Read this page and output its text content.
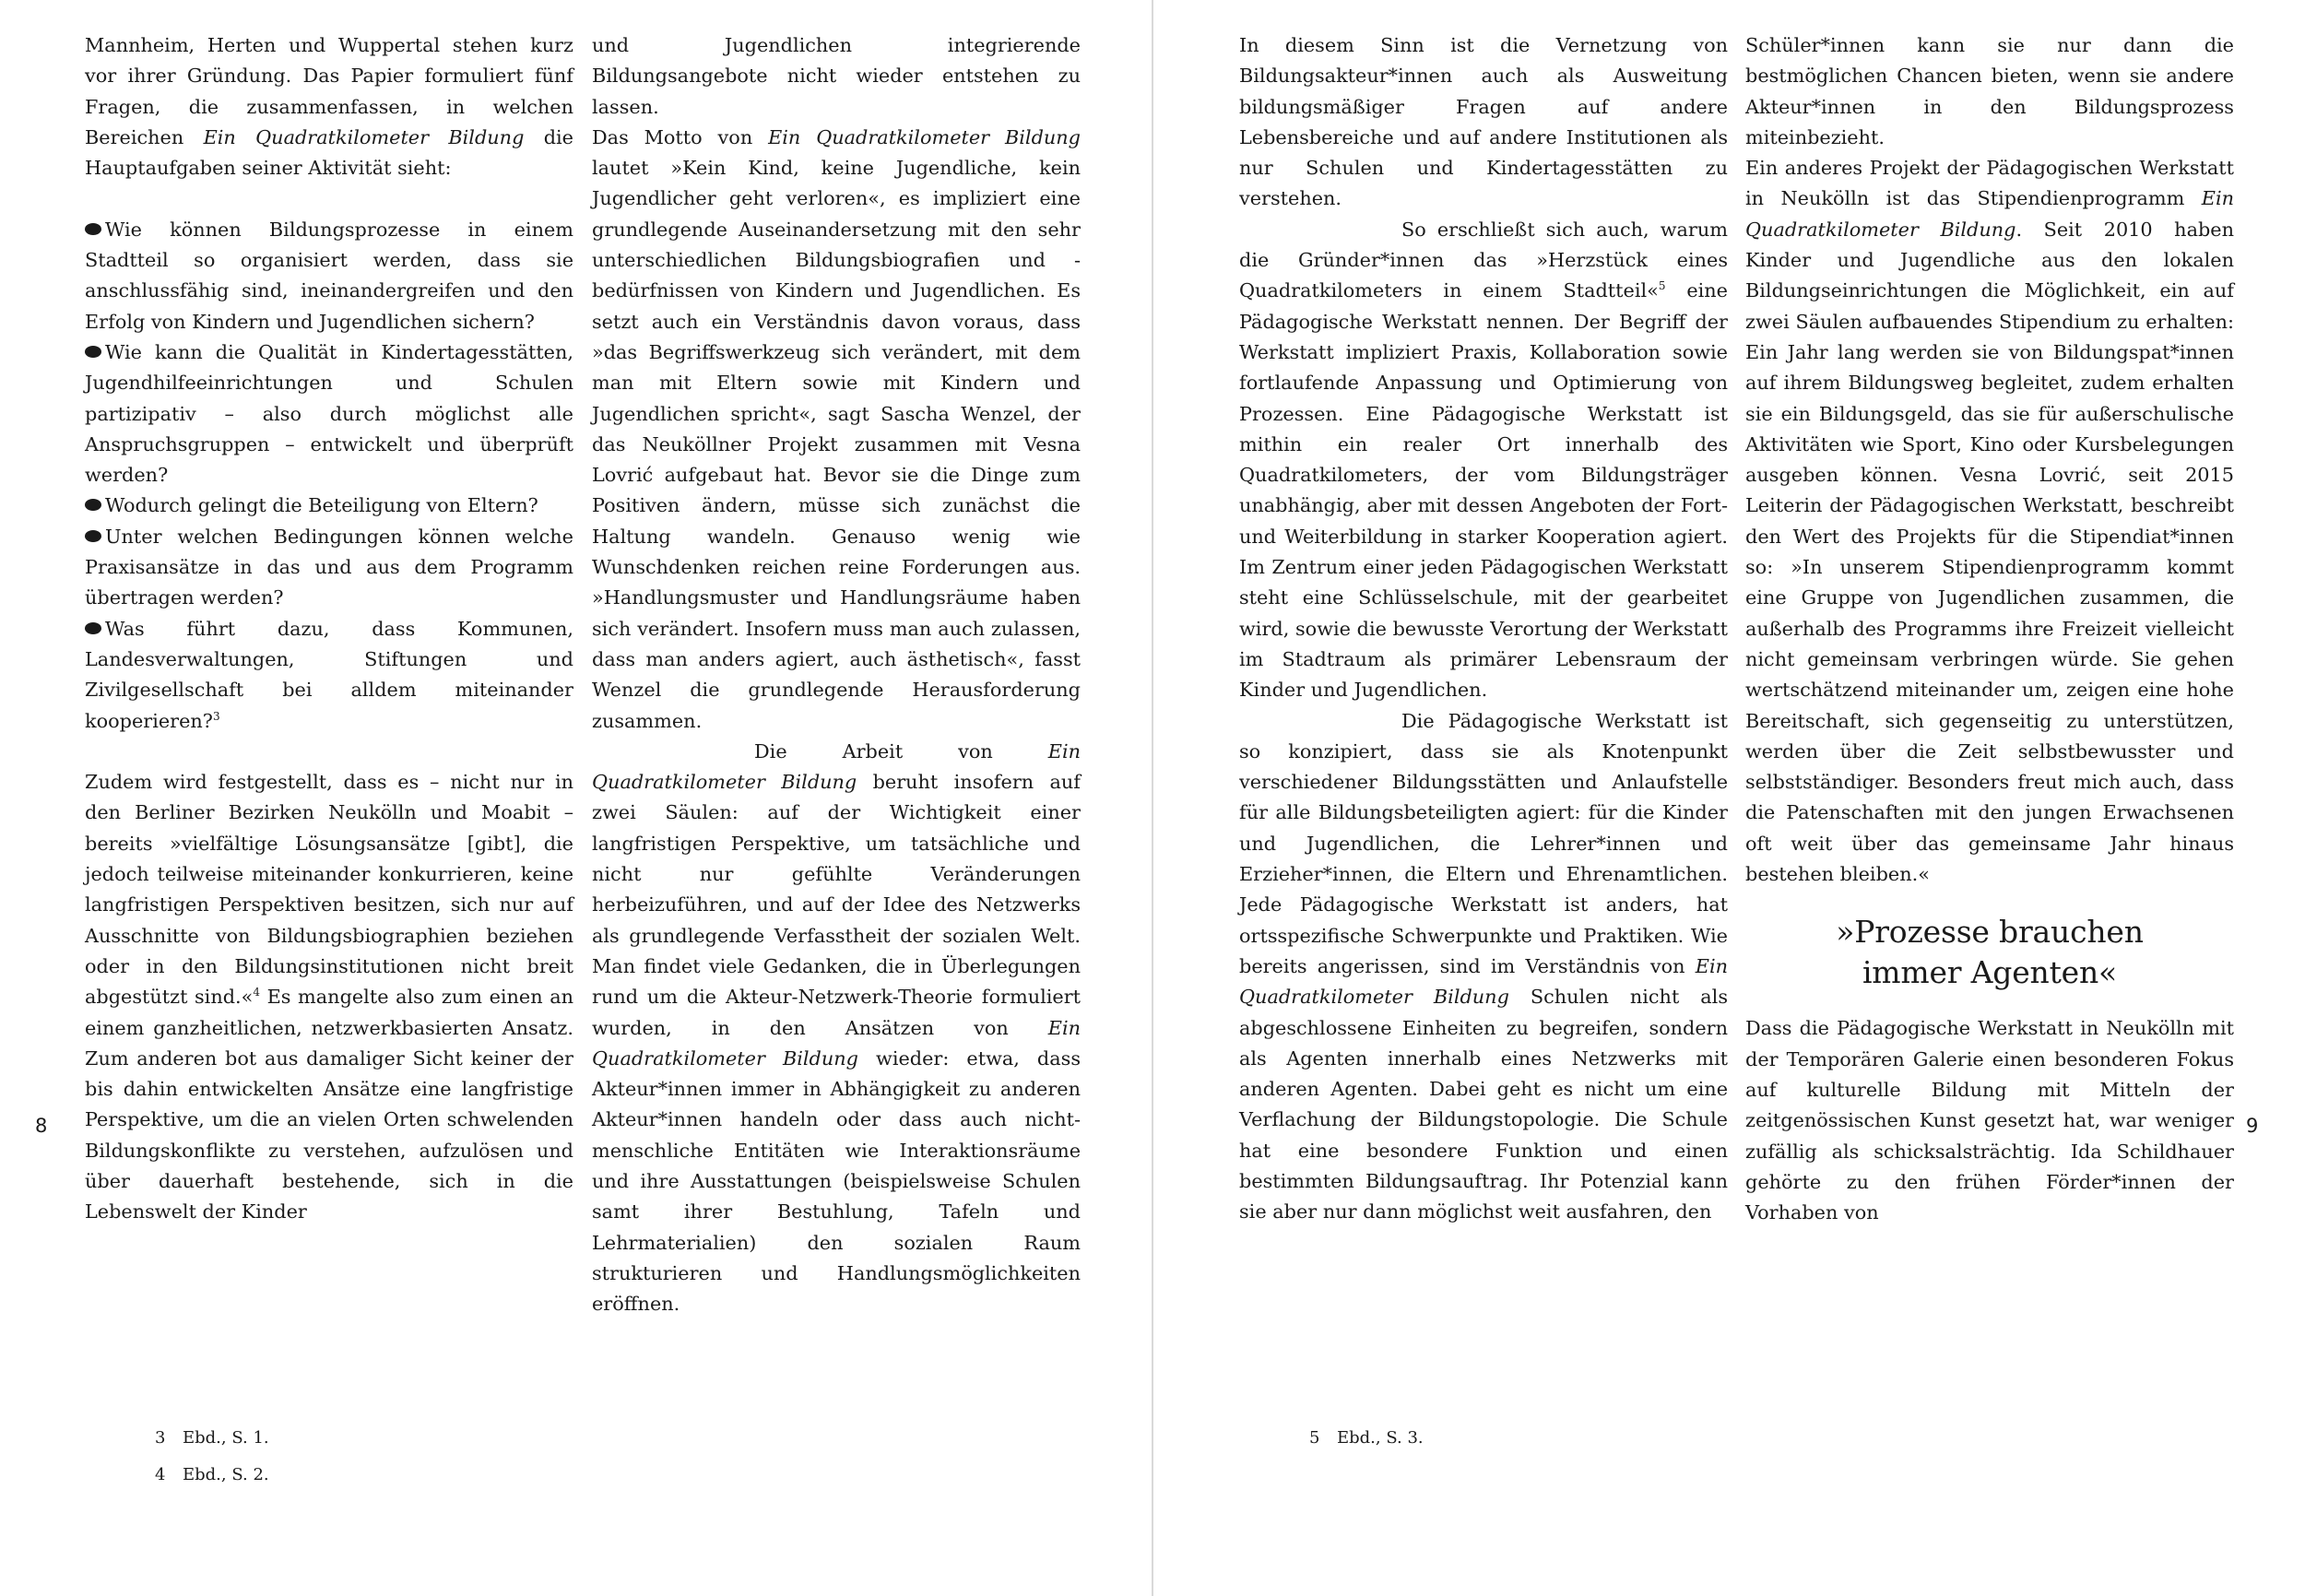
Mannheim, Herten und Wuppertal stehen kurz vor ihrer Gründung. Das Papier formuliert fünf Fragen, die zusammenfassen, in welchen Bereichen Ein Quadratkilometer Bildung die Hauptaufgaben seiner Aktivität sieht:

Wie können Bildungsprozesse in einem Stadtteil so organisiert werden, dass sie anschlussfähig sind, ineinandergreifen und den Erfolg von Kindern und Jugendlichen sichern?
Wie kann die Qualität in Kindertagesstätten, Jugendhilfeeinrichtungen und Schulen partizipativ – also durch möglichst alle Anspruchsgruppen – entwickelt und überprüft werden?
Wodurch gelingt die Beteiligung von Eltern?
Unter welchen Bedingungen können welche Praxisansätze in das und aus dem Programm übertragen werden?
Was führt dazu, dass Kommunen, Landesverwaltungen, Stiftungen und Zivilgesellschaft bei alldem miteinander kooperieren?$^3$

Zudem wird festgestellt, dass es – nicht nur in den Berliner Bezirken Neukölln und Moabit – bereits »vielfältige Lösungsansätze [gibt], die jedoch teilweise miteinander konkurrieren, keine langfristigen Perspektiven besitzen, sich nur auf Ausschnitte von Bildungsbiographien beziehen oder in den Bildungsinstitutionen nicht breit abgestützt sind.«$^4$ Es mangelte also zum einen an einem ganzheitlichen, netzwerkbasierten Ansatz. Zum anderen bot aus damaliger Sicht keiner der bis dahin entwickelten Ansätze eine langfristige Perspektive, um die an vielen Orten schwelenden Bildungskonflikte zu verstehen, aufzulösen und über dauerhaft bestehende, sich in die Lebenswelt der Kinder

und Jugendlichen integrierende Bildungsangebote nicht wieder entstehen zu lassen.

Das Motto von Ein Quadratkilometer Bildung lautet »Kein Kind, keine Jugendliche, kein Jugendlicher geht verloren«, es impliziert eine grundlegende Auseinandersetzung mit den sehr unterschiedlichen Bildungsbiografien und -bedürfnissen von Kindern und Jugendlichen. Es setzt auch ein Verständnis davon voraus, dass »das Begriffswerkzeug sich verändert, mit dem man mit Eltern sowie mit Kindern und Jugendlichen spricht«, sagt Sascha Wenzel, der das Neuköllner Projekt zusammen mit Vesna Lovrić aufgebaut hat. Bevor sie die Dinge zum Positiven ändern, müsse sich zunächst die Haltung wandeln. Genauso wenig wie Wunschdenken reichen reine Forderungen aus. »Handlungsmuster und Handlungsräume haben sich verändert. Insofern muss man auch zulassen, dass man anders agiert, auch ästhetisch«, fasst Wenzel die grundlegende Herausforderung zusammen.

Die Arbeit von Ein Quadratkilometer Bildung beruht insofern auf zwei Säulen: auf der Wichtigkeit einer langfristigen Perspektive, um tatsächliche und nicht nur gefühlte Veränderungen herbeizuführen, und auf der Idee des Netzwerks als grundlegende Verfasstheit der sozialen Welt. Man findet viele Gedanken, die in Überlegungen rund um die Akteur-Netzwerk-Theorie formuliert wurden, in den Ansätzen von Ein Quadratkilometer Bildung wieder: etwa, dass Akteur*innen immer in Abhängigkeit zu anderen Akteur*innen handeln oder dass auch nicht-menschliche Entitäten wie Interaktionsräume und ihre Ausstattungen (beispielsweise Schulen samt ihrer Bestuhlung, Tafeln und Lehrmaterialien) den sozialen Raum strukturieren und Handlungsmöglichkeiten eröffnen.

8
3 Ebd., S. 1.
4 Ebd., S. 2.

In diesem Sinn ist die Vernetzung von Bildungsakteur*innen auch als Ausweitung bildungsmäßiger Fragen auf andere Lebensbereiche und auf andere Institutionen als nur Schulen und Kindertagesstätten zu verstehen.

So erschließt sich auch, warum die Gründer*innen das »Herzstück eines Quadratkilometers in einem Stadtteil«$^5$ eine Pädagogische Werkstatt nennen. Der Begriff der Werkstatt impliziert Praxis, Kollaboration sowie fortlaufende Anpassung und Optimierung von Prozessen. Eine Pädagogische Werkstatt ist mithin ein realer Ort innerhalb des Quadratkilometers, der vom Bildungsträger unabhängig, aber mit dessen Angeboten der Fort- und Weiterbildung in starker Kooperation agiert. Im Zentrum einer jeden Pädagogischen Werkstatt steht eine Schlüsselschule, mit der gearbeitet wird, sowie die bewusste Verortung der Werkstatt im Stadtraum als primärer Lebensraum der Kinder und Jugendlichen.

Die Pädagogische Werkstatt ist so konzipiert, dass sie als Knotenpunkt verschiedener Bildungsstätten und Anlaufstelle für alle Bildungsbeteiligten agiert: für die Kinder und Jugendlichen, die Lehrer*innen und Erzieher*innen, die Eltern und Ehrenamtlichen. Jede Pädagogische Werkstatt ist anders, hat ortsspezifische Schwerpunkte und Praktiken. Wie bereits angerissen, sind im Verständnis von Ein Quadratkilometer Bildung Schulen nicht als abgeschlossene Einheiten zu begreifen, sondern als Agenten innerhalb eines Netzwerks mit anderen Agenten. Dabei geht es nicht um eine Verflachung der Bildungstopologie. Die Schule hat eine besondere Funktion und einen bestimmten Bildungsauftrag. Ihr Potenzial kann sie aber nur dann möglichst weit ausfahren, den

Schüler*innen kann sie nur dann die bestmöglichen Chancen bieten, wenn sie andere Akteur*innen in den Bildungsprozess miteinbezieht.

Ein anderes Projekt der Pädagogischen Werkstatt in Neukölln ist das Stipendienprogramm Ein Quadratkilometer Bildung. Seit 2010 haben Kinder und Jugendliche aus den lokalen Bildungseinrichtungen die Möglichkeit, ein auf zwei Säulen aufbauendes Stipendium zu erhalten: Ein Jahr lang werden sie von Bildungspat*innen auf ihrem Bildungsweg begleitet, zudem erhalten sie ein Bildungsgeld, das sie für außerschulische Aktivitäten wie Sport, Kino oder Kursbelegungen ausgeben können. Vesna Lovrić, seit 2015 Leiterin der Pädagogischen Werkstatt, beschreibt den Wert des Projekts für die Stipendiat*innen so: »In unserem Stipendienprogramm kommt eine Gruppe von Jugendlichen zusammen, die außerhalb des Programms ihre Freizeit vielleicht nicht gemeinsam verbringen würde. Sie gehen wertschätzend miteinander um, zeigen eine hohe Bereitschaft, sich gegenseitig zu unterstützen, werden über die Zeit selbstbewusster und selbstständiger. Besonders freut mich auch, dass die Patenschaften mit den jungen Erwachsenen oft weit über das gemeinsame Jahr hinaus bestehen bleiben.«

»Prozesse brauchen
immer Agenten«

Dass die Pädagogische Werkstatt in Neukölln mit der Temporären Galerie einen besonderen Fokus auf kulturelle Bildung mit Mitteln der zeitgenössischen Kunst gesetzt hat, war weniger zufällig als schicksalsträchtig. Ida Schildhauer gehörte zu den frühen Förder*innen der Vorhaben von

9
5 Ebd., S. 3.
